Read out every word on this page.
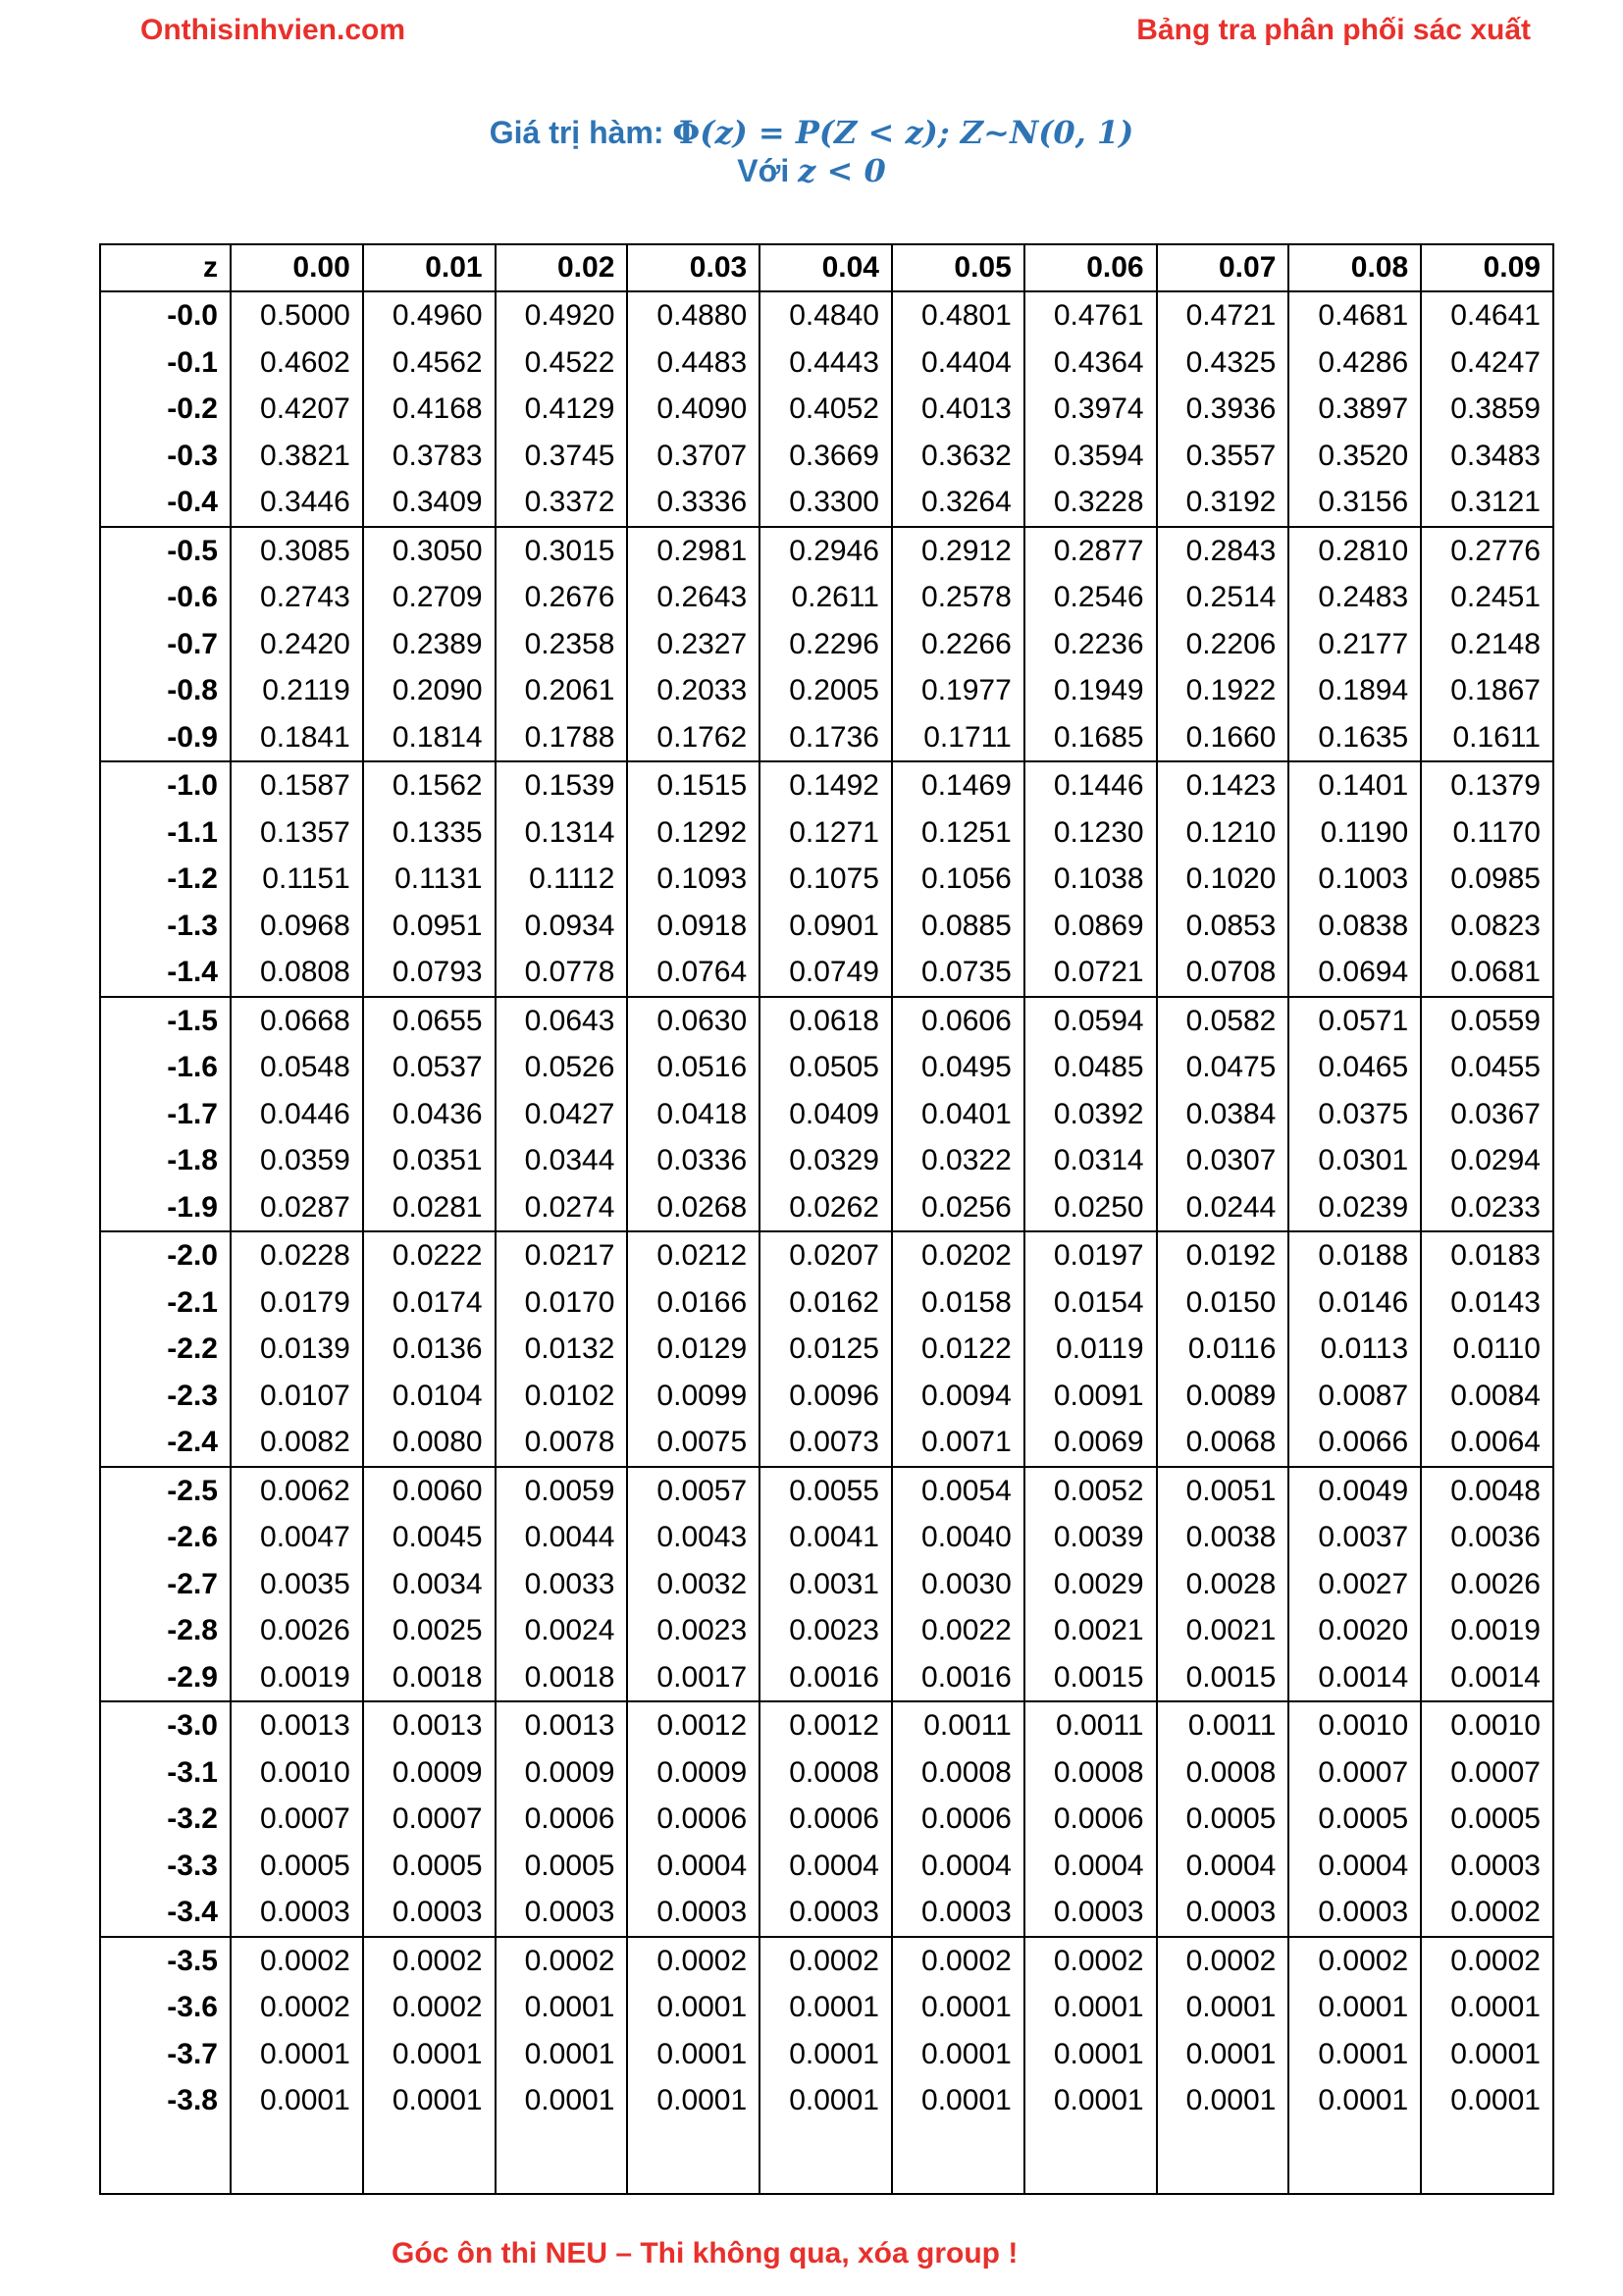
Onthisinhvien.com	Bảng tra phân phối sác xuất
Giá trị hàm: Φ(z) = P(Z < z); Z~N(0, 1)
Với z < 0
z	0.00	0.01	0.02	0.03	0.04	0.05	0.06	0.07	0.08	0.09
-0.0	0.5000	0.4960	0.4920	0.4880	0.4840	0.4801	0.4761	0.4721	0.4681	0.4641
-0.1	0.4602	0.4562	0.4522	0.4483	0.4443	0.4404	0.4364	0.4325	0.4286	0.4247
-0.2	0.4207	0.4168	0.4129	0.4090	0.4052	0.4013	0.3974	0.3936	0.3897	0.3859
-0.3	0.3821	0.3783	0.3745	0.3707	0.3669	0.3632	0.3594	0.3557	0.3520	0.3483
-0.4	0.3446	0.3409	0.3372	0.3336	0.3300	0.3264	0.3228	0.3192	0.3156	0.3121
-0.5	0.3085	0.3050	0.3015	0.2981	0.2946	0.2912	0.2877	0.2843	0.2810	0.2776
-0.6	0.2743	0.2709	0.2676	0.2643	0.2611	0.2578	0.2546	0.2514	0.2483	0.2451
-0.7	0.2420	0.2389	0.2358	0.2327	0.2296	0.2266	0.2236	0.2206	0.2177	0.2148
-0.8	0.2119	0.2090	0.2061	0.2033	0.2005	0.1977	0.1949	0.1922	0.1894	0.1867
-0.9	0.1841	0.1814	0.1788	0.1762	0.1736	0.1711	0.1685	0.1660	0.1635	0.1611
-1.0	0.1587	0.1562	0.1539	0.1515	0.1492	0.1469	0.1446	0.1423	0.1401	0.1379
-1.1	0.1357	0.1335	0.1314	0.1292	0.1271	0.1251	0.1230	0.1210	0.1190	0.1170
-1.2	0.1151	0.1131	0.1112	0.1093	0.1075	0.1056	0.1038	0.1020	0.1003	0.0985
-1.3	0.0968	0.0951	0.0934	0.0918	0.0901	0.0885	0.0869	0.0853	0.0838	0.0823
-1.4	0.0808	0.0793	0.0778	0.0764	0.0749	0.0735	0.0721	0.0708	0.0694	0.0681
-1.5	0.0668	0.0655	0.0643	0.0630	0.0618	0.0606	0.0594	0.0582	0.0571	0.0559
-1.6	0.0548	0.0537	0.0526	0.0516	0.0505	0.0495	0.0485	0.0475	0.0465	0.0455
-1.7	0.0446	0.0436	0.0427	0.0418	0.0409	0.0401	0.0392	0.0384	0.0375	0.0367
-1.8	0.0359	0.0351	0.0344	0.0336	0.0329	0.0322	0.0314	0.0307	0.0301	0.0294
-1.9	0.0287	0.0281	0.0274	0.0268	0.0262	0.0256	0.0250	0.0244	0.0239	0.0233
-2.0	0.0228	0.0222	0.0217	0.0212	0.0207	0.0202	0.0197	0.0192	0.0188	0.0183
-2.1	0.0179	0.0174	0.0170	0.0166	0.0162	0.0158	0.0154	0.0150	0.0146	0.0143
-2.2	0.0139	0.0136	0.0132	0.0129	0.0125	0.0122	0.0119	0.0116	0.0113	0.0110
-2.3	0.0107	0.0104	0.0102	0.0099	0.0096	0.0094	0.0091	0.0089	0.0087	0.0084
-2.4	0.0082	0.0080	0.0078	0.0075	0.0073	0.0071	0.0069	0.0068	0.0066	0.0064
-2.5	0.0062	0.0060	0.0059	0.0057	0.0055	0.0054	0.0052	0.0051	0.0049	0.0048
-2.6	0.0047	0.0045	0.0044	0.0043	0.0041	0.0040	0.0039	0.0038	0.0037	0.0036
-2.7	0.0035	0.0034	0.0033	0.0032	0.0031	0.0030	0.0029	0.0028	0.0027	0.0026
-2.8	0.0026	0.0025	0.0024	0.0023	0.0023	0.0022	0.0021	0.0021	0.0020	0.0019
-2.9	0.0019	0.0018	0.0018	0.0017	0.0016	0.0016	0.0015	0.0015	0.0014	0.0014
-3.0	0.0013	0.0013	0.0013	0.0012	0.0012	0.0011	0.0011	0.0011	0.0010	0.0010
-3.1	0.0010	0.0009	0.0009	0.0009	0.0008	0.0008	0.0008	0.0008	0.0007	0.0007
-3.2	0.0007	0.0007	0.0006	0.0006	0.0006	0.0006	0.0006	0.0005	0.0005	0.0005
-3.3	0.0005	0.0005	0.0005	0.0004	0.0004	0.0004	0.0004	0.0004	0.0004	0.0003
-3.4	0.0003	0.0003	0.0003	0.0003	0.0003	0.0003	0.0003	0.0003	0.0003	0.0002
-3.5	0.0002	0.0002	0.0002	0.0002	0.0002	0.0002	0.0002	0.0002	0.0002	0.0002
-3.6	0.0002	0.0002	0.0001	0.0001	0.0001	0.0001	0.0001	0.0001	0.0001	0.0001
-3.7	0.0001	0.0001	0.0001	0.0001	0.0001	0.0001	0.0001	0.0001	0.0001	0.0001
-3.8	0.0001	0.0001	0.0001	0.0001	0.0001	0.0001	0.0001	0.0001	0.0001	0.0001

Góc ôn thi NEU – Thi không qua, xóa group !
